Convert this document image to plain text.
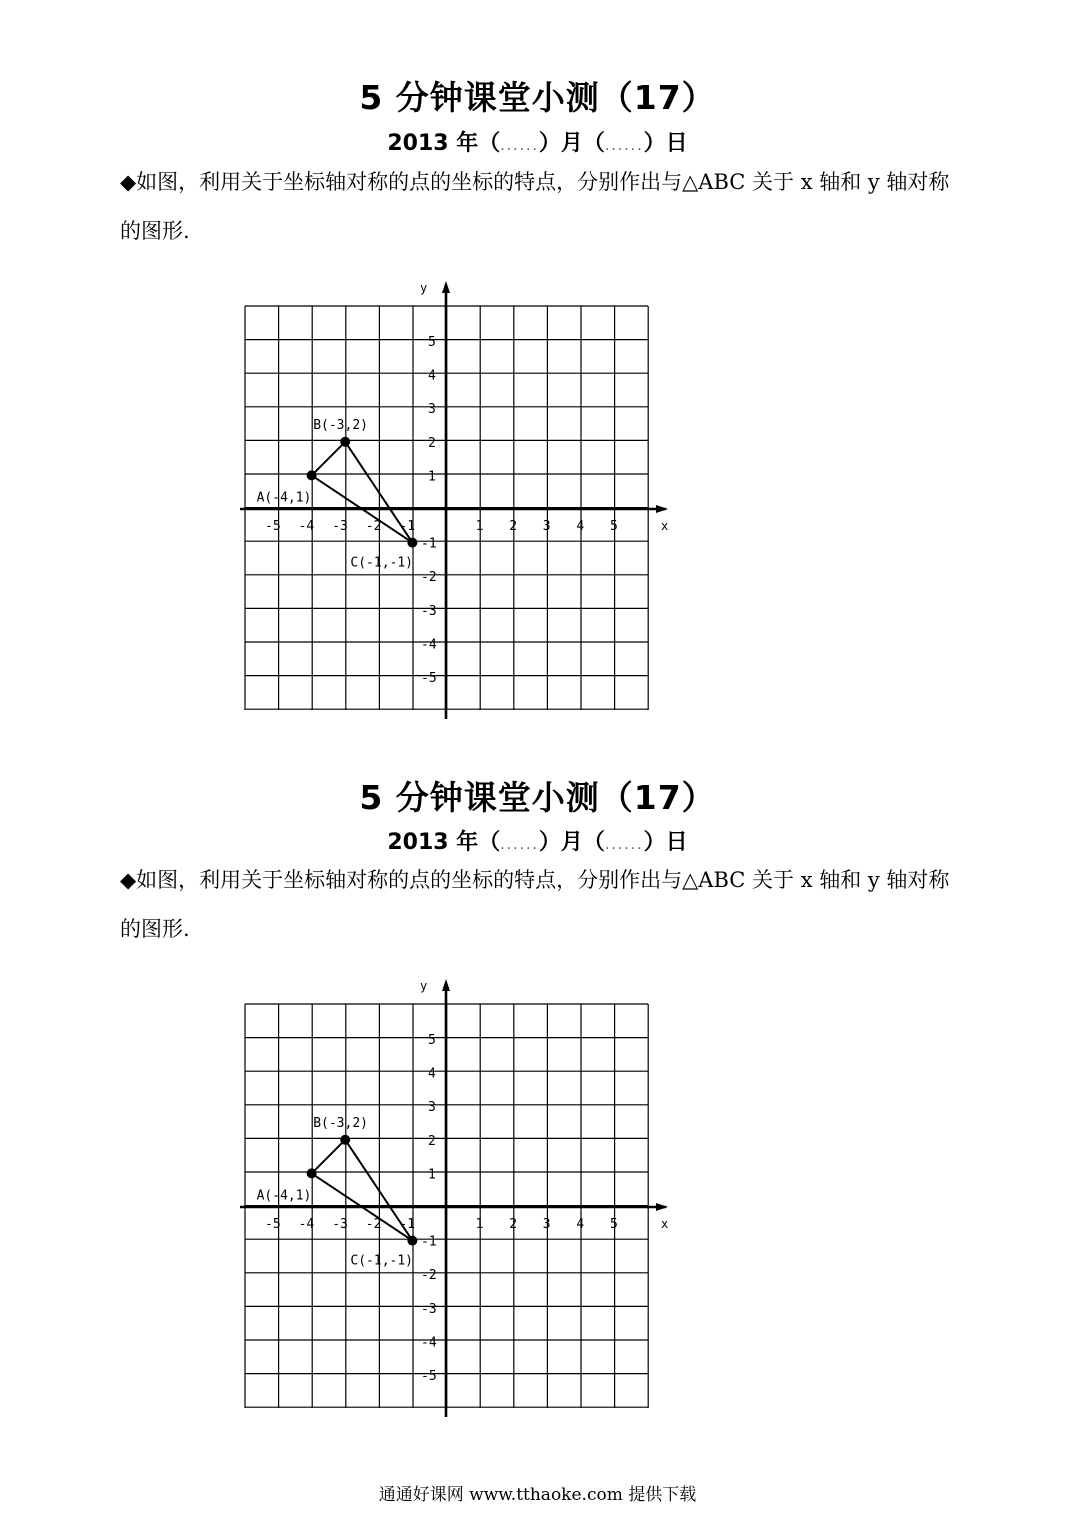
5 分钟课堂小测（17）
2013 年（......）月（......）日
◆如图，利用关于坐标轴对称的点的坐标的特点，分别作出与△ABC 关于 x 轴和 y 轴对称的图形.
x
y
-5 -4 -3 -2 -1	1 2 3 4 5
5
4
3
2
1
-1
-2
-3
-4
-5
A(-4,1)
B(-3,2)
C(-1,-1)
5 分钟课堂小测（17）
2013 年（......）月（......）日
◆如图，利用关于坐标轴对称的点的坐标的特点，分别作出与△ABC 关于 x 轴和 y 轴对称的图形.
x
y
-5 -4 -3 -2 -1	1 2 3 4 5
5
4
3
2
1
-1
-2
-3
-4
-5
A(-4,1)
B(-3,2)
C(-1,-1)
通通好课网 www.tthaoke.com 提供下载
